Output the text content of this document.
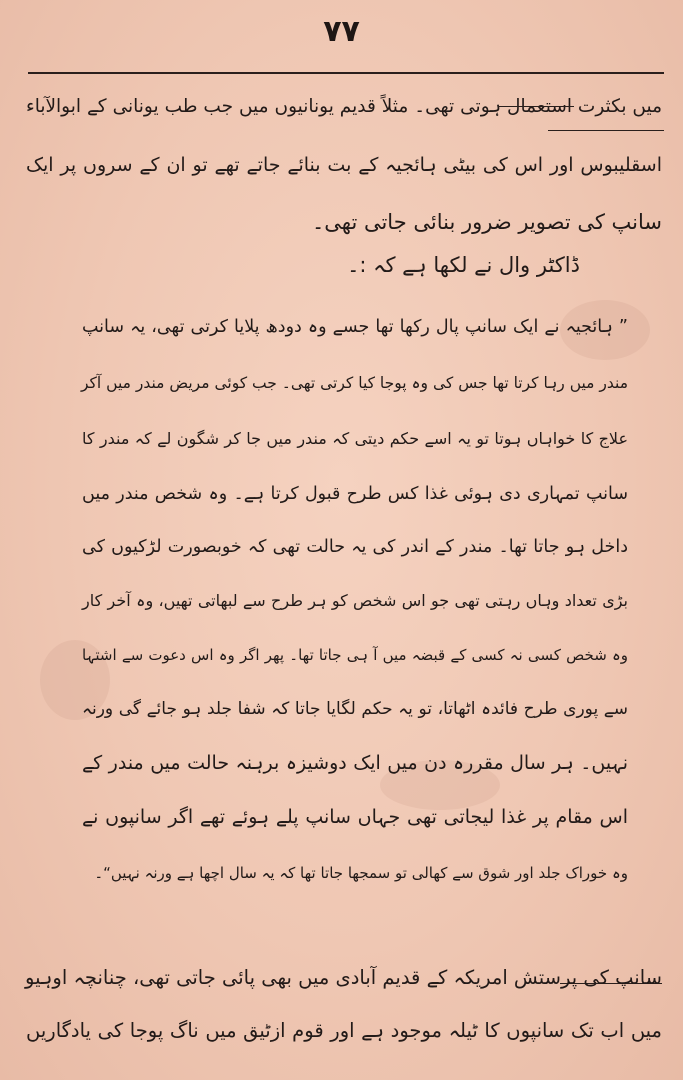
۷۷
میں بکثرت استعمال ہوتی تھی۔ مثلاً قدیم یونانیوں میں جب طب یونانی کے ابوالآباء
اسقلیبوس اور اس کی بیٹی ہائجیہ کے بت بنائے جاتے تھے تو ان کے سروں پر ایک
سانپ کی تصویر ضرور بنائی جاتی تھی۔
ڈاکٹر وال نے لکھا ہے کہ :۔
” ہائجیہ نے ایک سانپ پال رکھا تھا جسے وہ دودھ پلایا کرتی تھی، یہ سانپ
مندر میں رہا کرتا تھا جس کی وہ پوجا کیا کرتی تھی۔ جب کوئی مریض مندر میں آکر
علاج کا خواہاں ہوتا تو یہ اسے حکم دیتی کہ مندر میں جا کر شگون لے کہ مندر کا
سانپ تمہاری دی ہوئی غذا کس طرح قبول کرتا ہے۔ وہ شخص مندر میں
داخل ہو جاتا تھا۔ مندر کے اندر کی یہ حالت تھی کہ خوبصورت لڑکیوں کی
بڑی تعداد وہاں رہتی تھی جو اس شخص کو ہر طرح سے لبھاتی تھیں، وہ آخر کار
وہ شخص کسی نہ کسی کے قبضہ میں آ ہی جاتا تھا۔ پھر اگر وہ اس دعوت سے اشتہا
سے پوری طرح فائدہ اٹھاتا، تو یہ حکم لگایا جاتا کہ شفا جلد ہو جائے گی ورنہ
نہیں۔ ہر سال مقررہ دن میں ایک دوشیزہ برہنہ حالت میں مندر کے
اس مقام پر غذا لیجاتی تھی جہاں سانپ پلے ہوئے تھے اگر سانپوں نے
وہ خوراک جلد اور شوق سے کھالی تو سمجھا جاتا تھا کہ یہ سال اچھا ہے ورنہ نہیں“۔
سانپ کی پرستش امریکہ کے قدیم آبادی میں بھی پائی جاتی تھی، چنانچہ اوہیو
میں اب تک سانپوں کا ٹیلہ موجود ہے اور قوم ازٹیق میں ناگ پوجا کی یادگاریں
